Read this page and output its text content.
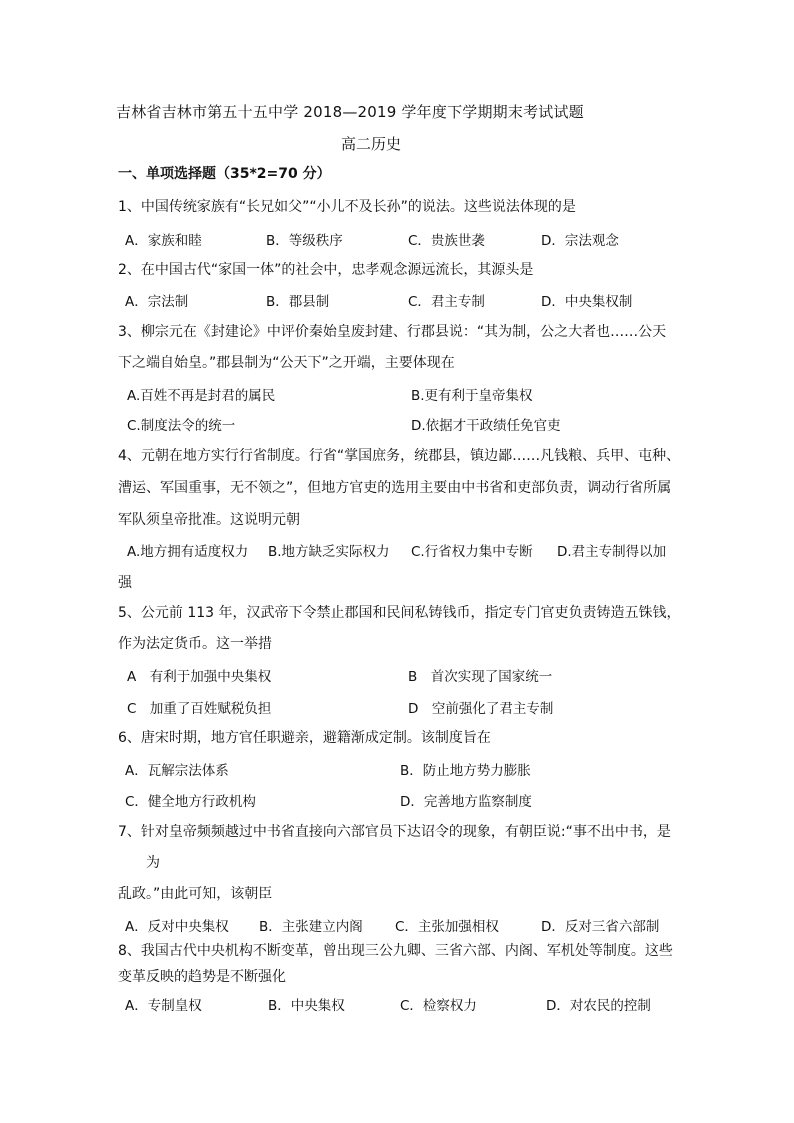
吉林省吉林市第五十五中学 2018—2019 学年度下学期期末考试试题
高二历史
一、单项选择题（35*2=70 分）
1、中国传统家族有“长兄如父”“小儿不及长孙”的说法。这些说法体现的是
A．家族和睦	B．等级秩序	C．贵族世袭	D．宗法观念
2、在中国古代“家国一体”的社会中，忠孝观念源远流长，其源头是
A．宗法制	B．郡县制	C．君主专制	D．中央集权制
3、柳宗元在《封建论》中评价秦始皇废封建、行郡县说：“其为制，公之大者也……公天
下之端自始皇。”郡县制为“公天下”之开端，主要体现在
A.百姓不再是封君的属民	B.更有利于皇帝集权
C.制度法令的统一	D.依据才干政绩任免官吏
4、元朝在地方实行行省制度。行省“掌国庶务，统郡县，镇边鄙……凡钱粮、兵甲、屯种、
漕运、军国重事，无不领之”，但地方官吏的选用主要由中书省和吏部负责，调动行省所属
军队须皇帝批准。这说明元朝
A.地方拥有适度权力 B.地方缺乏实际权力 C.行省权力集中专断 D.君主专制得以加
强
5、公元前 113 年，汉武帝下令禁止郡国和民间私铸钱币，指定专门官吏负责铸造五铢钱，
作为法定货币。这一举措
A　有利于加强中央集权	B　首次实现了国家统一
C　加重了百姓赋税负担	D　空前强化了君主专制
6、唐宋时期，地方官任职避亲，避籍渐成定制。该制度旨在
A．瓦解宗法体系	B．防止地方势力膨胀
C．健全地方行政机构	D．完善地方监察制度
7、针对皇帝频频越过中书省直接向六部官员下达诏令的现象，有朝臣说:“事不出中书，是
为
乱政。”由此可知，该朝臣
A．反对中央集权 B．主张建立内阁 C．主张加强相权	D．反对三省六部制
8、我国古代中央机构不断变革，曾出现三公九卿、三省六部、内阁、军机处等制度。这些
变革反映的趋势是不断强化
A．专制皇权	B．中央集权	C．检察权力	D．对农民的控制
